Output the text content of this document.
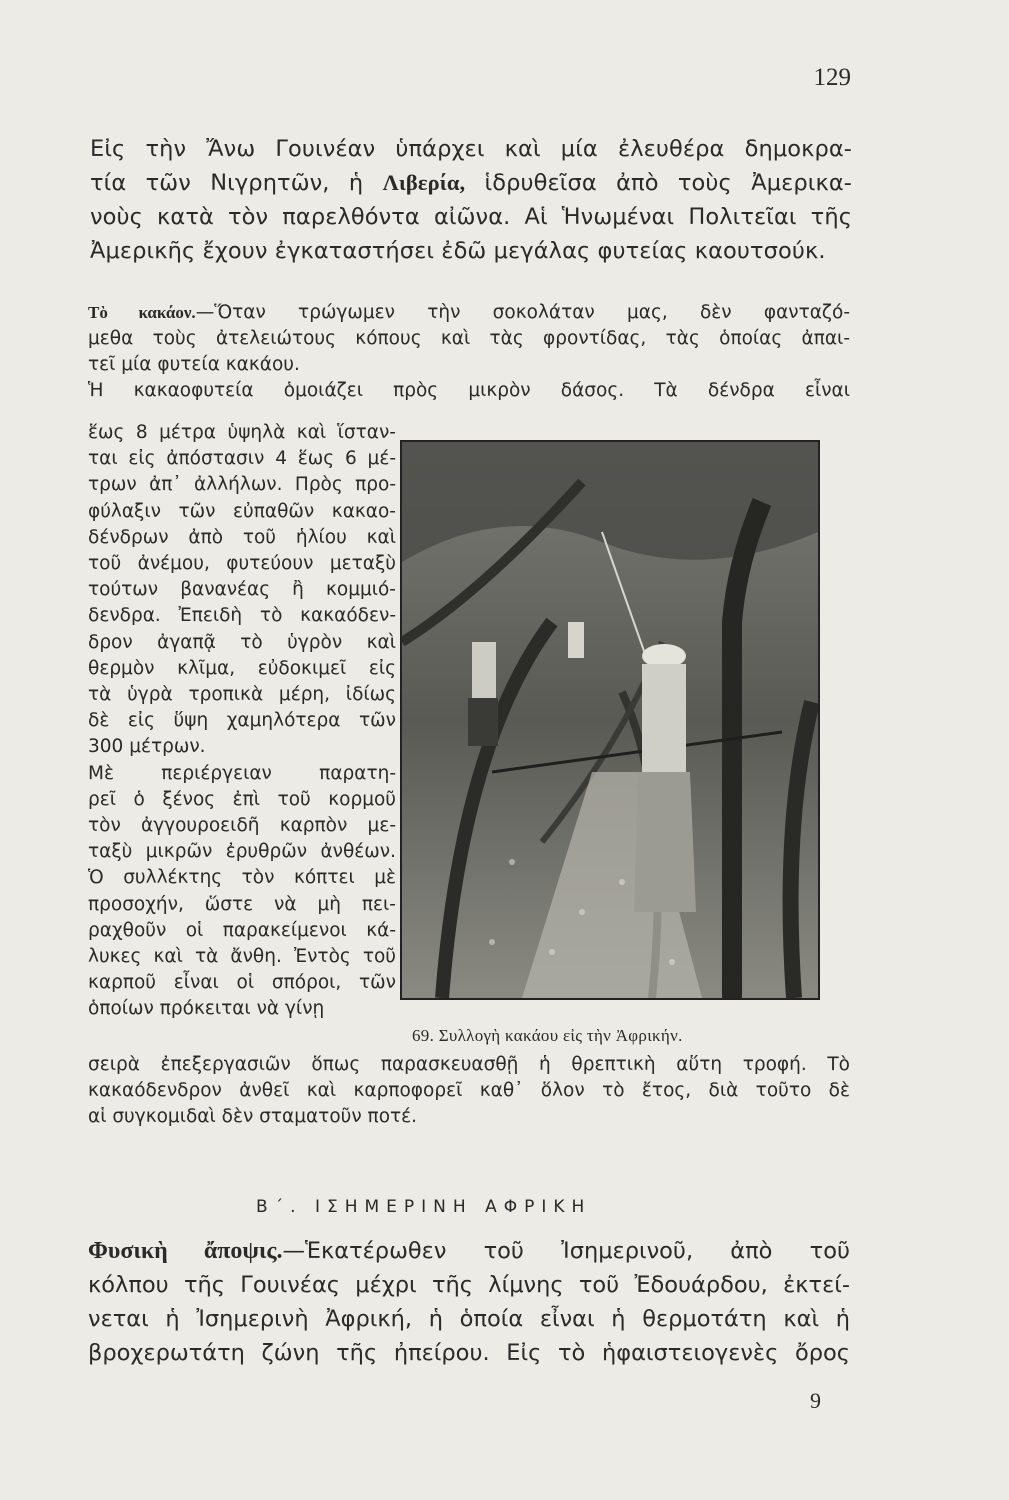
129
Εἰς τὴν Ἄνω Γουινέαν ὑπάρχει καὶ μία ἐλευθέρα δημοκρα-
τία τῶν Νιγρητῶν, ἡ Λιβερία, ἱδρυθεῖσα ἀπὸ τοὺς Ἀμερικα-
νοὺς κατὰ τὸν παρελθόντα αἰῶνα. Αἱ Ἡνωμέναι Πολιτεῖαι τῆς
Ἀμερικῆς ἔχουν ἐγκαταστήσει ἐδῶ μεγάλας φυτείας καουτσούκ.
Τὸ κακάον.—Ὅταν τρώγωμεν τὴν σοκολάταν μας, δὲν φανταζό-
μεθα τοὺς ἀτελειώτους κόπους καὶ τὰς φροντίδας, τὰς ὁποίας ἀπαι-
τεῖ μία φυτεία κακάου.
Ἡ κακαοφυτεία ὁμοιάζει πρὸς μικρὸν δάσος. Τὰ δένδρα εἶναι
ἕως 8 μέτρα ὑψηλὰ καὶ ἵσταν-
ται εἰς ἀπόστασιν 4 ἕως 6 μέ-
τρων ἀπ᾿ ἀλλήλων. Πρὸς προ-
φύλαξιν τῶν εὐπαθῶν κακαο-
δένδρων ἀπὸ τοῦ ἡλίου καὶ
τοῦ ἀνέμου, φυτεύουν μεταξὺ
τούτων βανανέας ἢ κομμιό-
δενδρα. Ἐπειδὴ τὸ κακαόδεν-
δρον ἀγαπᾷ τὸ ὑγρὸν καὶ
θερμὸν κλῖμα, εὐδοκιμεῖ εἰς
τὰ ὑγρὰ τροπικὰ μέρη, ἰδίως
δὲ εἰς ὕψη χαμηλότερα τῶν
300 μέτρων.
Μὲ περιέργειαν παρατη-
ρεῖ ὁ ξένος ἐπὶ τοῦ κορμοῦ
τὸν ἀγγουροειδῆ καρπὸν με-
ταξὺ μικρῶν ἐρυθρῶν ἀνθέων.
Ὁ συλλέκτης τὸν κόπτει μὲ
προσοχήν, ὥστε νὰ μὴ πει-
ραχθοῦν οἱ παρακείμενοι κά-
λυκες καὶ τὰ ἄνθη. Ἐντὸς τοῦ
καρποῦ εἶναι οἱ σπόροι, τῶν
ὁποίων πρόκειται νὰ γίνῃ
69. Συλλογὴ κακάου εἰς τὴν Ἀφρικήν.
σειρὰ ἐπεξεργασιῶν ὅπως παρασκευασθῇ ἡ θρεπτικὴ αὕτη τροφή. Τὸ
κακαόδενδρον ἀνθεῖ καὶ καρποφορεῖ καθ᾿ ὅλον τὸ ἔτος, διὰ τοῦτο δὲ
αἱ συγκομιδαὶ δὲν σταματοῦν ποτέ.
Β΄. ΙΣΗΜΕΡΙΝΗ ΑΦΡΙΚΗ
Φυσικὴ ἄποψις.—Ἑκατέρωθεν τοῦ Ἰσημερινοῦ, ἀπὸ τοῦ
κόλπου τῆς Γουινέας μέχρι τῆς λίμνης τοῦ Ἐδουάρδου, ἐκτεί-
νεται ἡ Ἰσημερινὴ Ἀφρική, ἡ ὁποία εἶναι ἡ θερμοτάτη καὶ ἡ
βροχερωτάτη ζώνη τῆς ἠπείρου. Εἰς τὸ ἡφαιστειογενὲς ὄρος
9
